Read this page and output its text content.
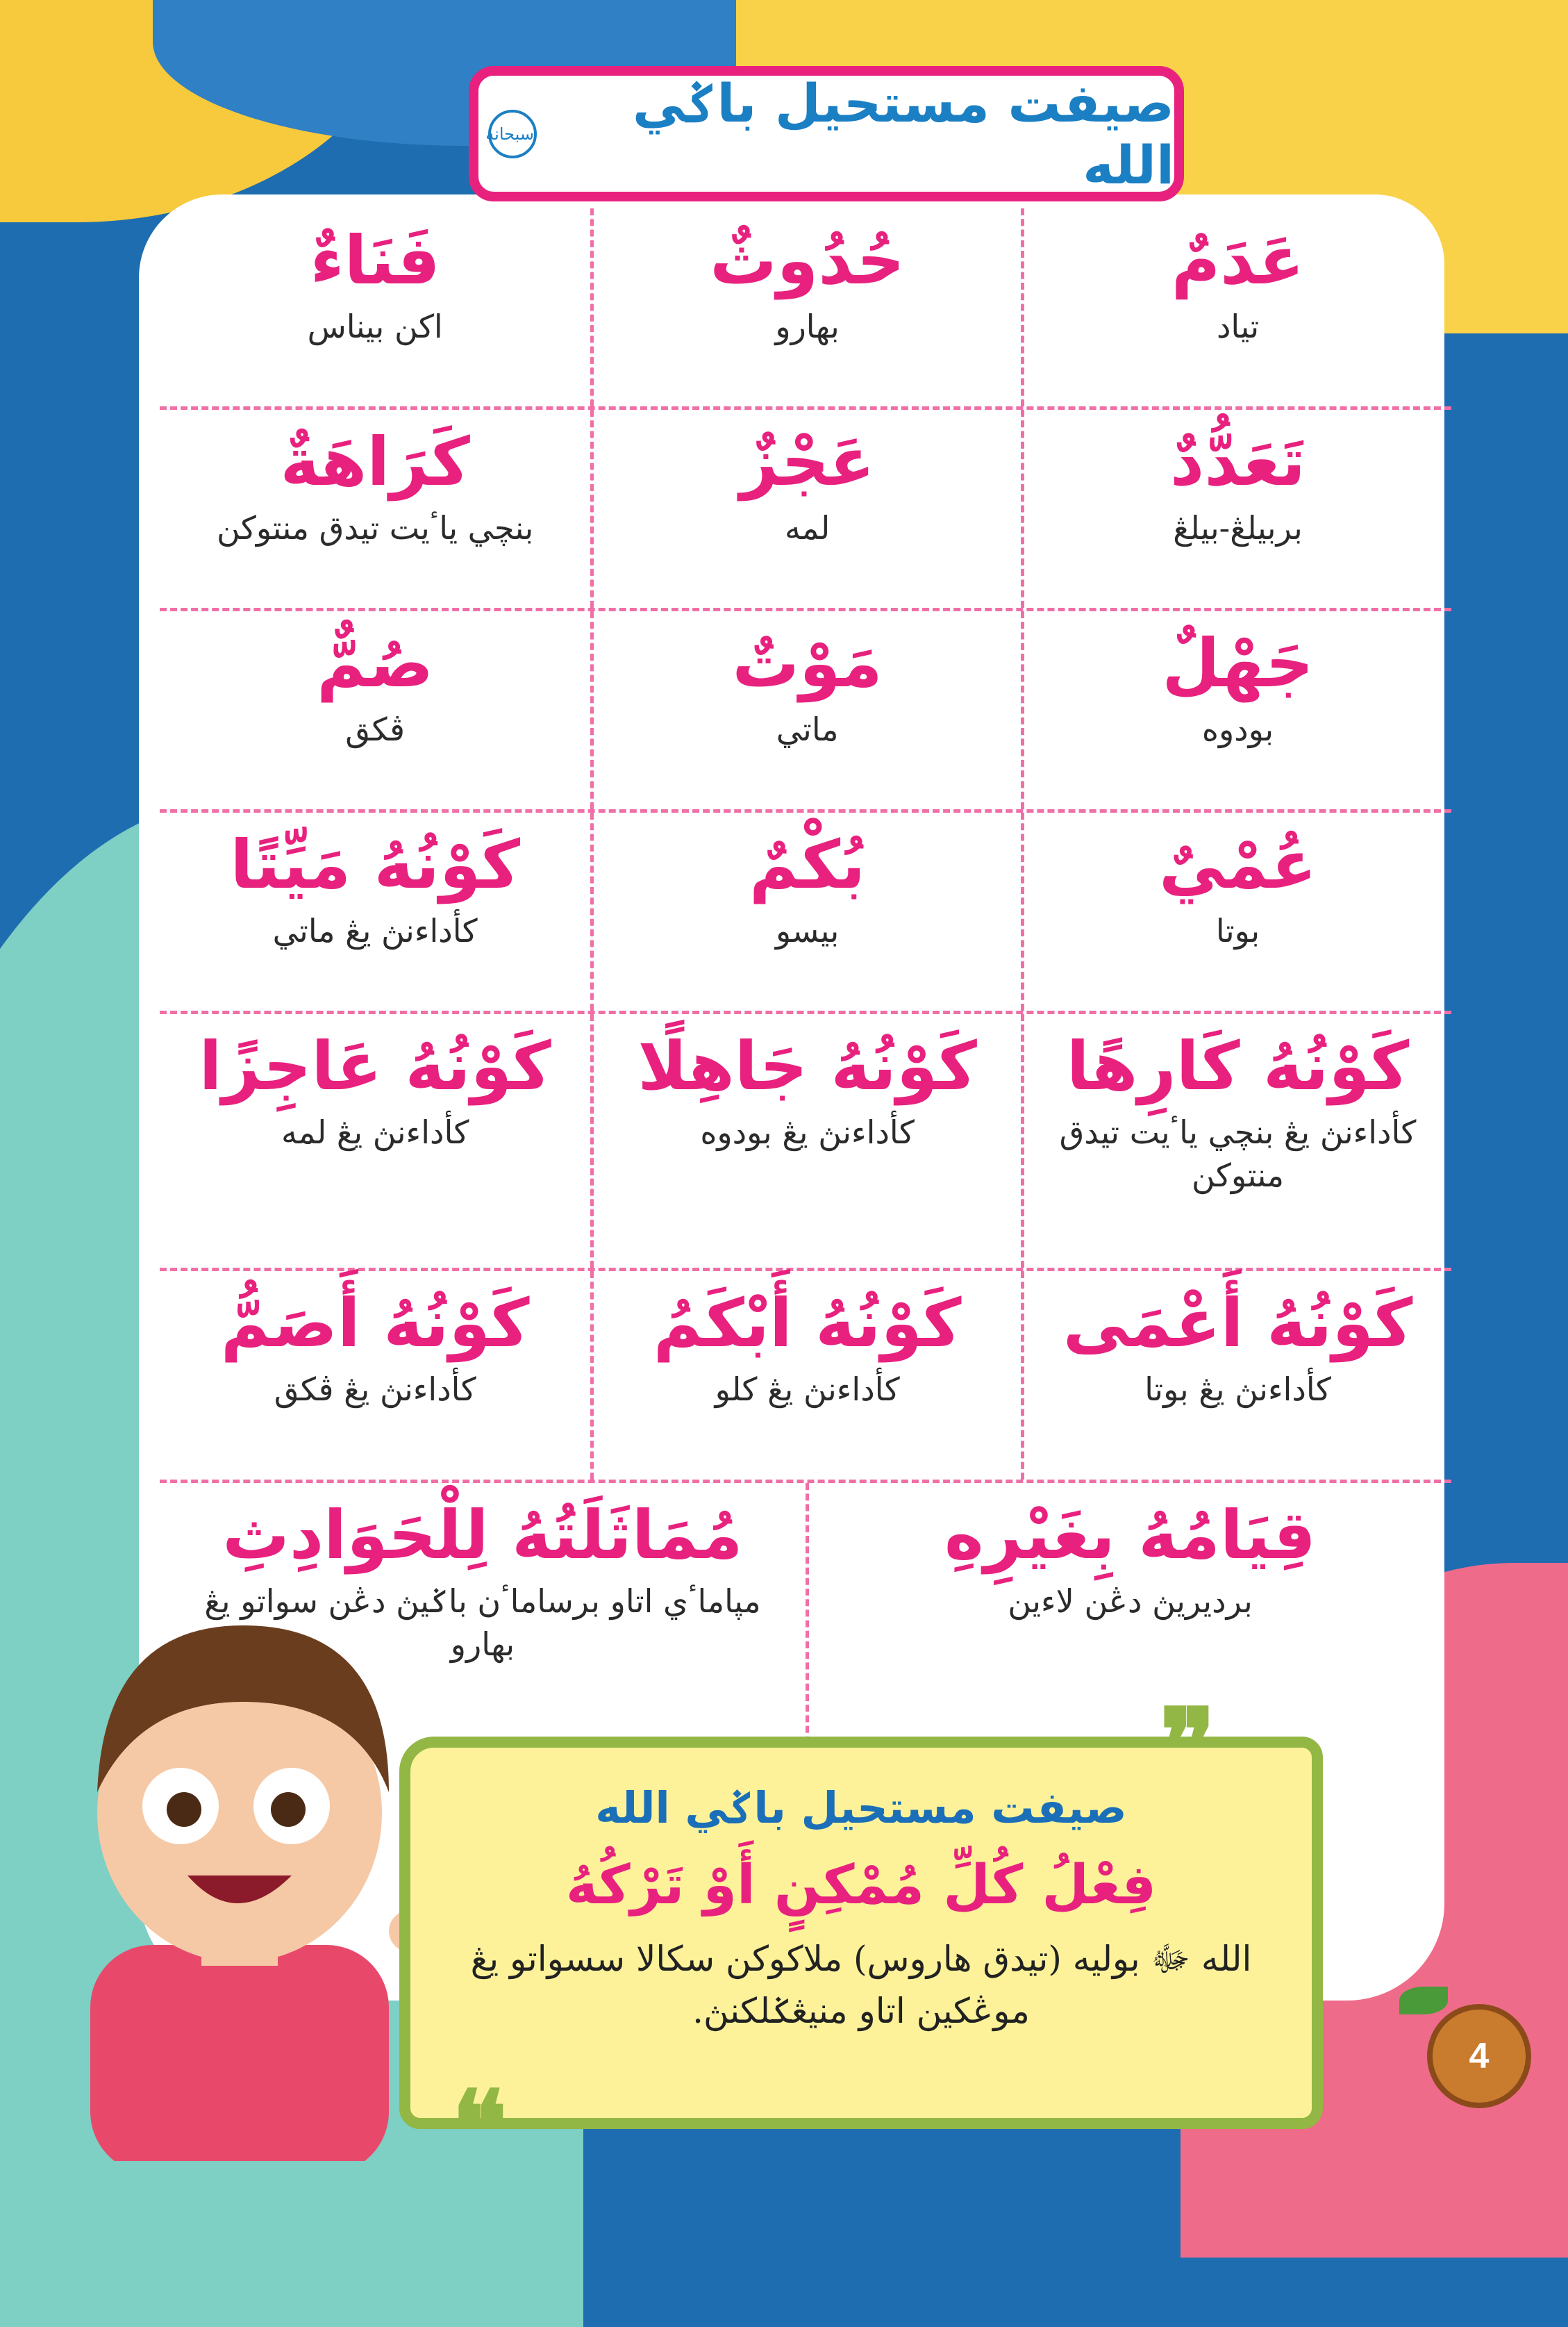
صيفت مستحيل باݢي الله
سبحانه
عَدَمٌ
تياد
حُدُوثٌ
بهارو
فَنَاءٌ
اكن بيناس
تَعَدُّدٌ
بربيلڠ-بيلڠ
عَجْزٌ
لمه
كَرَاهَةٌ
بنچي ياٴيت تيدق منتوكن
جَهْلٌ
بودوه
مَوْتٌ
ماتي
صُمٌّ
ڤكق
عُمْيٌ
بوتا
بُكْمٌ
بيسو
كَوْنُهُ مَيِّتًا
كأداءنڽ يڠ ماتي
كَوْنُهُ كَارِهًا
كأداءنڽ يڠ بنچي ياٴيت تيدق منتوكن
كَوْنُهُ جَاهِلًا
كأداءنڽ يڠ بودوه
كَوْنُهُ عَاجِزًا
كأداءنڽ يڠ لمه
كَوْنُهُ أَعْمَى
كأداءنڽ يڠ بوتا
كَوْنُهُ أَبْكَمُ
كأداءنڽ يڠ كلو
كَوْنُهُ أَصَمُّ
كأداءنڽ يڠ ڤكق
قِيَامُهُ بِغَيْرِهِ
برديريڽ دڠن لاءين
مُمَاثَلَتُهُ لِلْحَوَادِثِ
مڽاماٴي اتاو برساماٴن باݢيڽ دڠن سواتو يڠ بهارو
صيفت مستحيل باݢي الله
فِعْلُ كُلِّ مُمْكِنٍ أَوْ تَرْكُهُ
الله ﷻ بوليه (تيدق هاروس) ملاكوكن سكالا سسواتو يڠ موڠكين اتاو منيڠݢلكنڽ.
❞
❝
4
